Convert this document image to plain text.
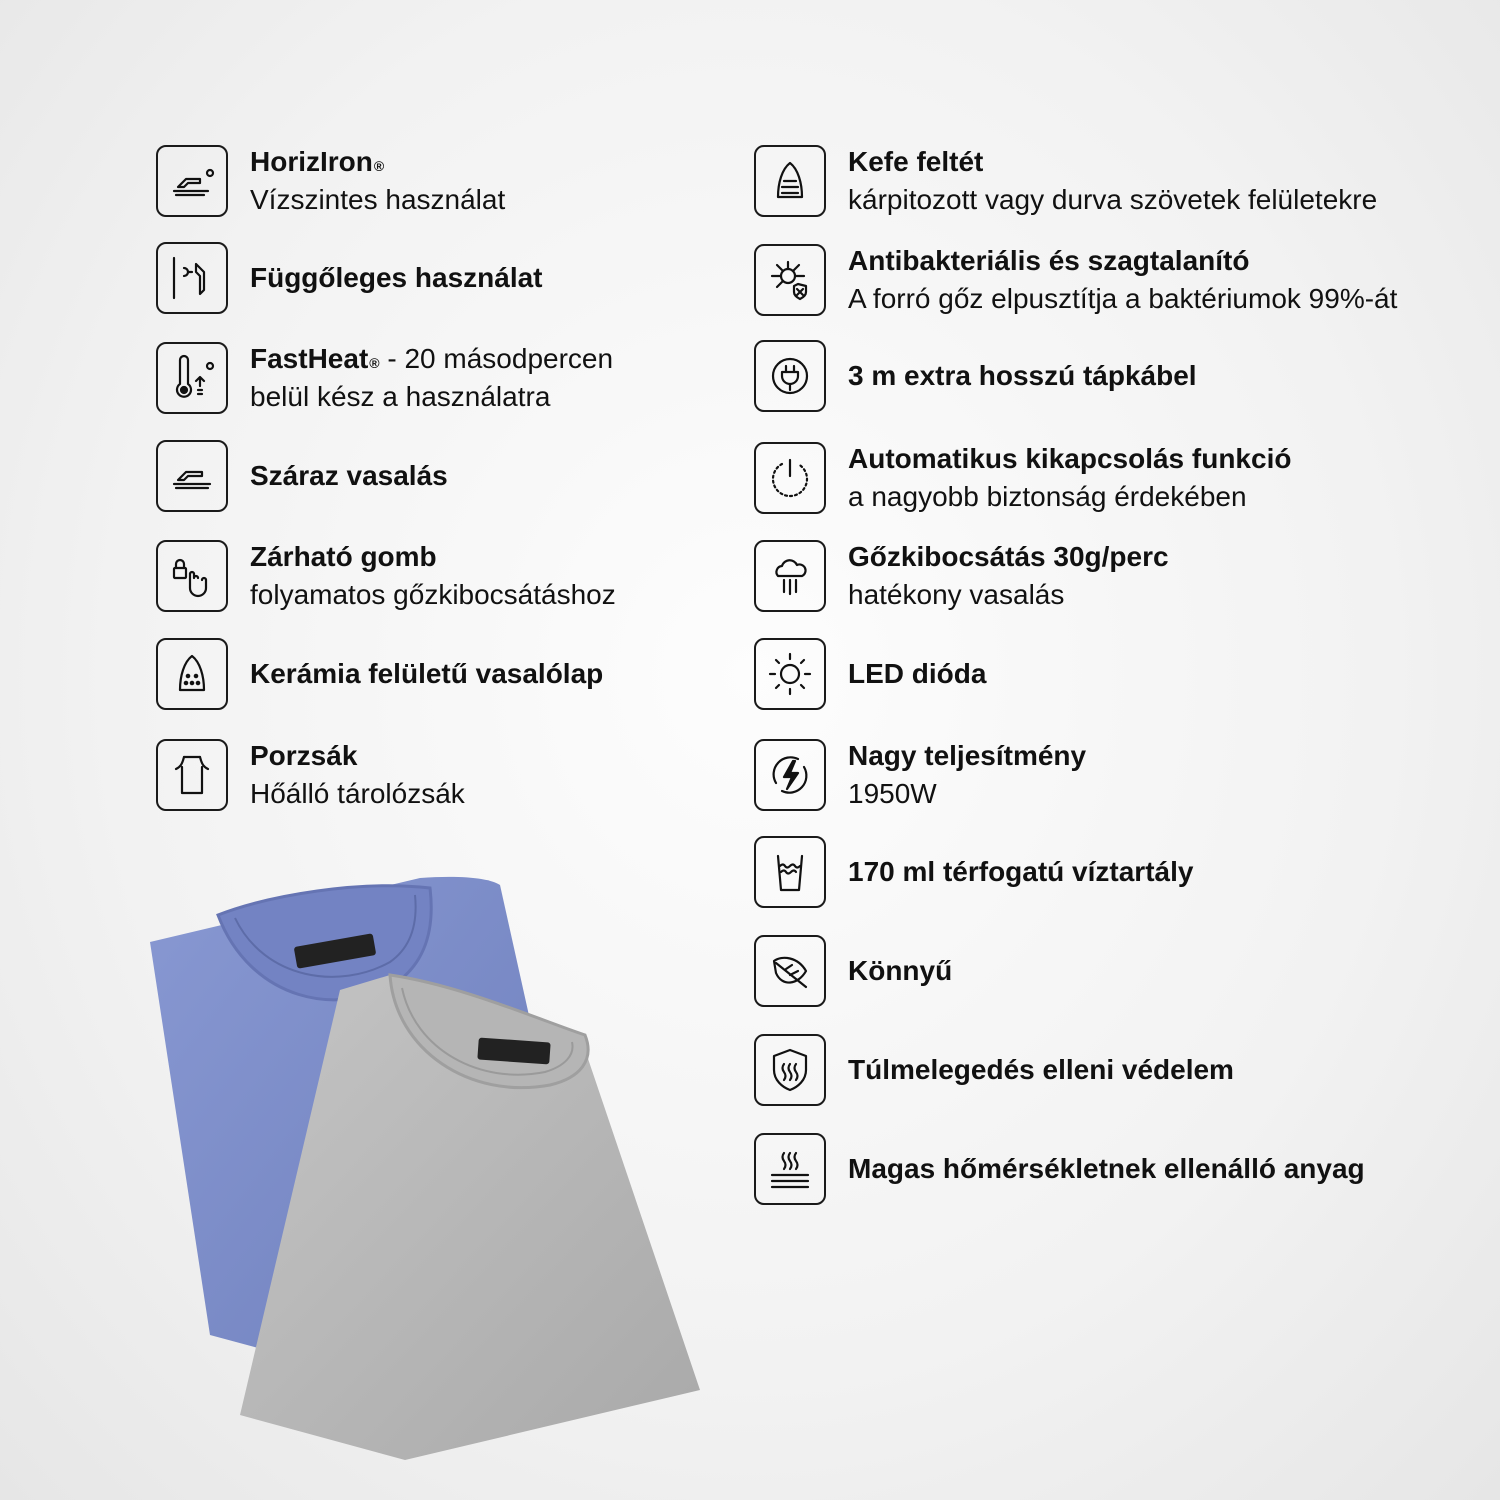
HorizIron®
Vízszintes használat
Függőleges használat
FastHeat® - 20 másodpercen
belül kész a használatra
Száraz vasalás
Zárható gomb
folyamatos gőzkibocsátáshoz
Kerámia felületű vasalólap
Porzsák
Hőálló tárolózsák
Kefe feltét
kárpitozott vagy durva szövetek felületekre
Antibakteriális és szagtalanító
A forró gőz elpusztítja a baktériumok 99%-át
3 m extra hosszú tápkábel
Automatikus kikapcsolás funkció
a nagyobb biztonság érdekében
Gőzkibocsátás 30g/perc
hatékony vasalás
LED dióda
Nagy teljesítmény
1950W
170 ml térfogatú víztartály
Könnyű
Túlmelegedés elleni védelem
Magas hőmérsékletnek ellenálló anyag
